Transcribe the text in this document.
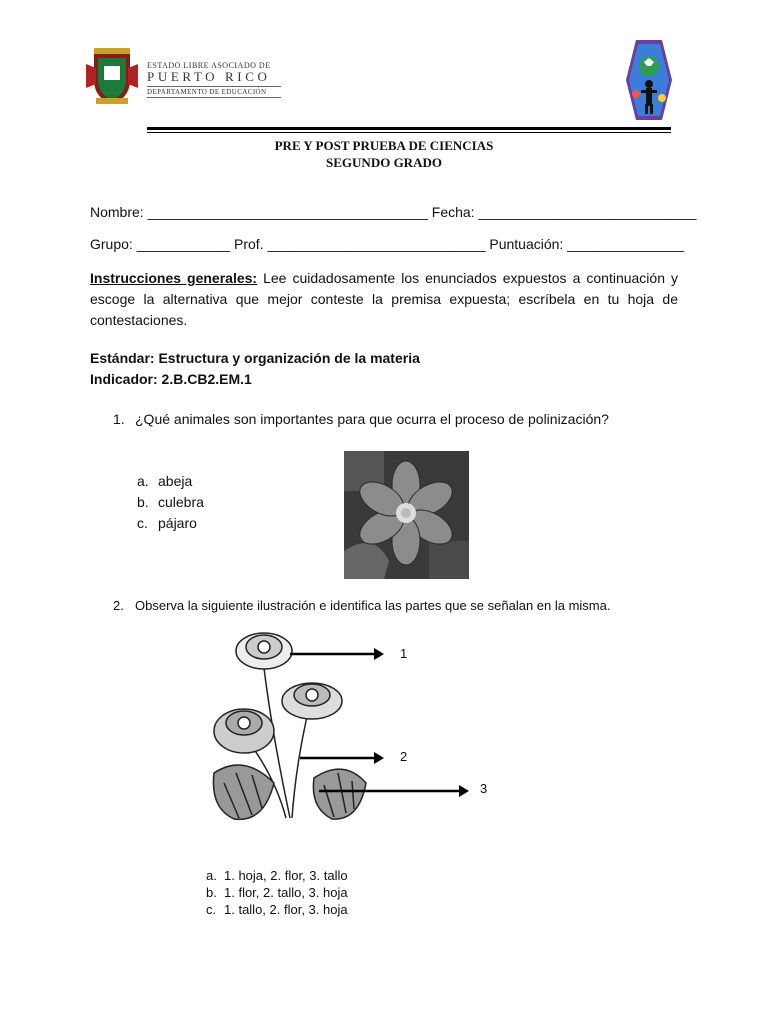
ESTADO LIBRE ASOCIADO DE
PUERTO RICO
DEPARTAMENTO DE EDUCACIÓN
PRE Y POST PRUEBA DE CIENCIAS
SEGUNDO GRADO
Nombre: ____________________________________ Fecha: ____________________________
Grupo: ____________ Prof. ____________________________ Puntuación: _______________
Instrucciones generales: Lee cuidadosamente los enunciados expuestos a continuación y escoge la alternativa que mejor conteste la premisa expuesta; escríbela en tu hoja de contestaciones.
Estándar: Estructura y organización de la materia
Indicador: 2.B.CB2.EM.1
1. ¿Qué animales son importantes para que ocurra el proceso de polinización?
a. abeja
b. culebra
c. pájaro
2. Observa la siguiente ilustración e identifica las partes que se señalan en la misma.
1
2
3
a. 1. hoja, 2. flor, 3. tallo
b. 1. flor, 2. tallo, 3. hoja
c. 1. tallo, 2. flor, 3. hoja
